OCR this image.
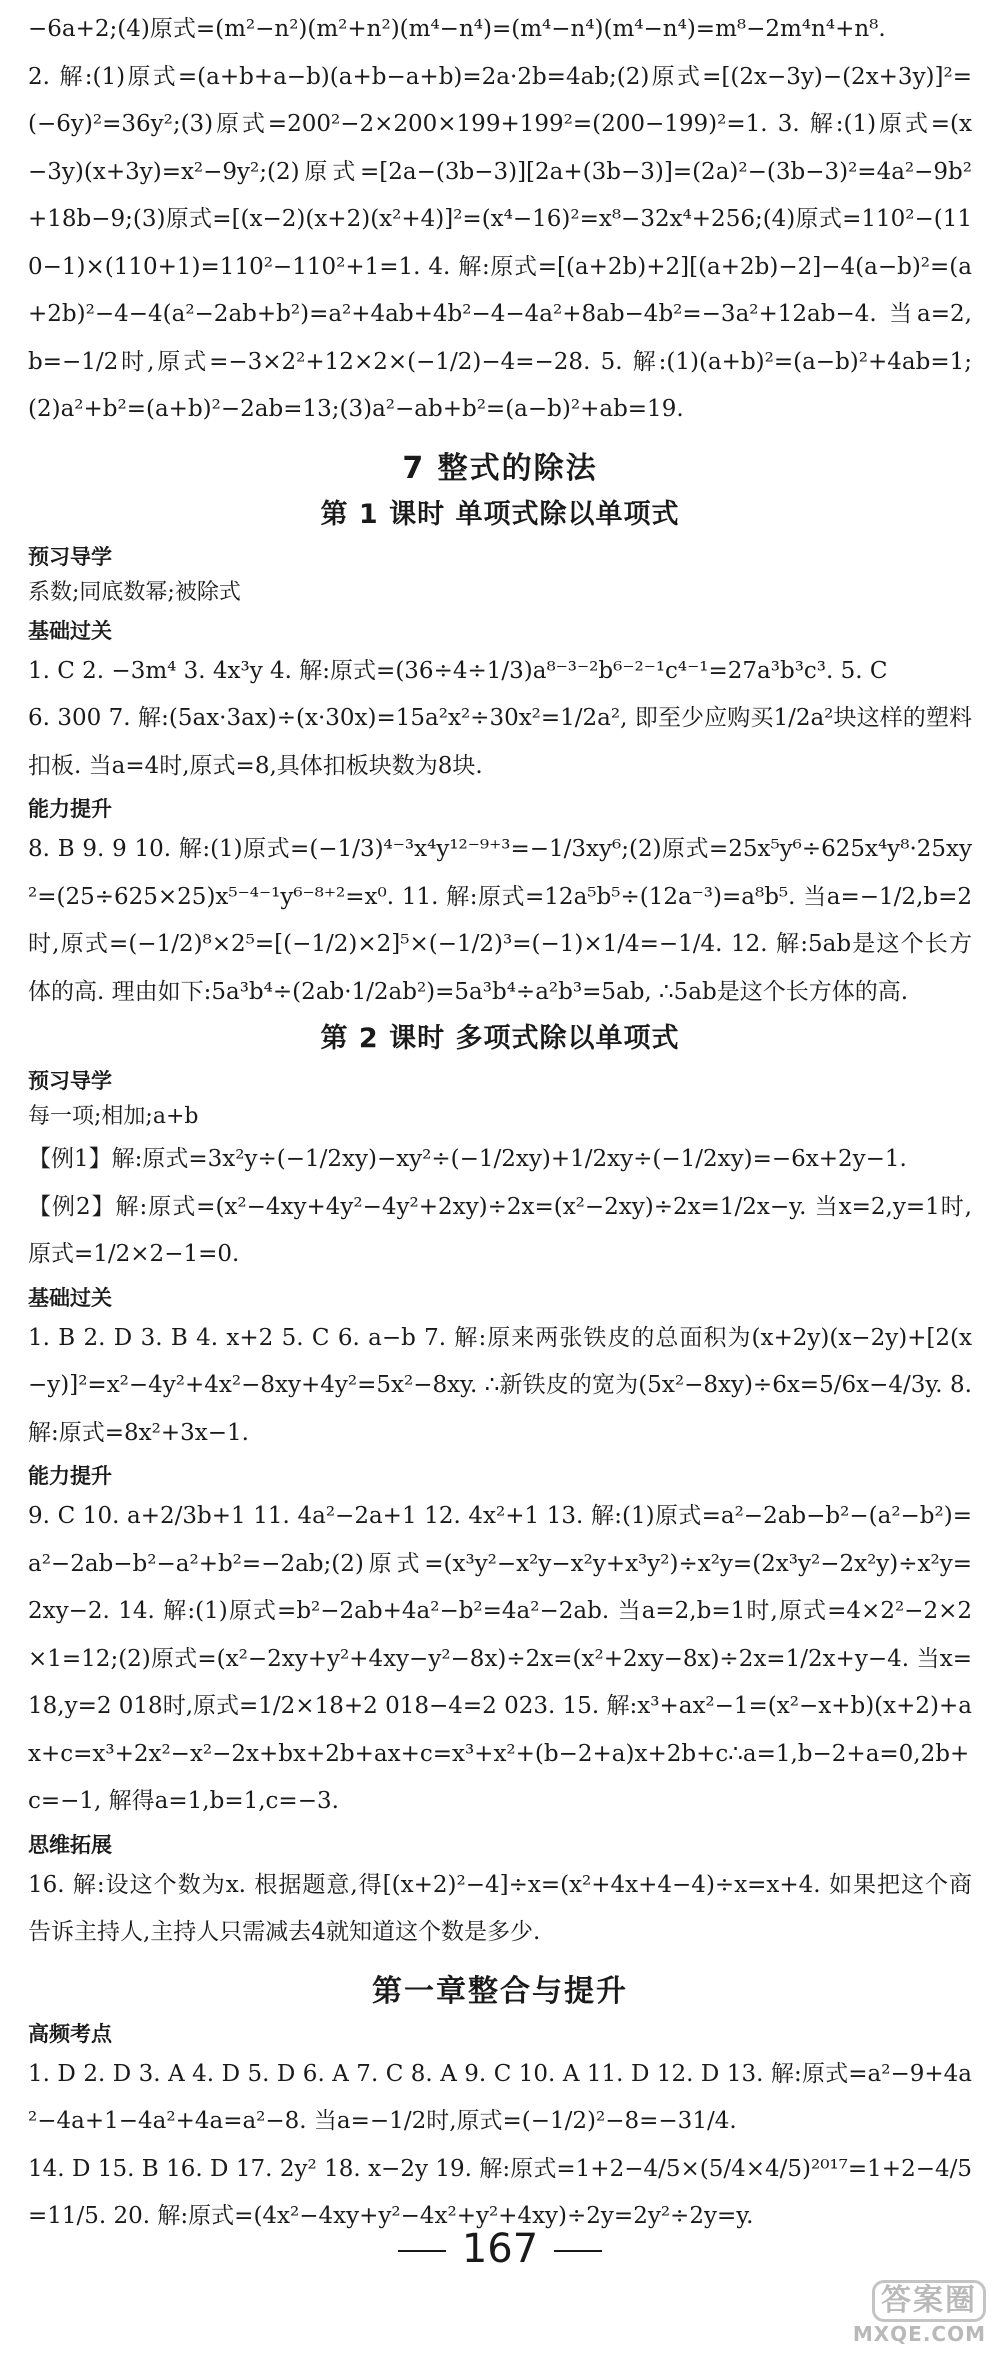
−6a+2;(4)原式=(m²−n²)(m²+n²)(m⁴−n⁴)=(m⁴−n⁴)(m⁴−n⁴)=m⁸−2m⁴n⁴+n⁸.

2. 解:(1)原式=(a+b+a−b)(a+b−a+b)=2a·2b=4ab;(2)原式=[(2x−3y)−(2x+3y)]²=(−6y)²=36y²;(3)原式=200²−2×200×199+199²=(200−199)²=1. 3. 解:(1)原式=(x−3y)(x+3y)=x²−9y²;(2)原式=[2a−(3b−3)][2a+(3b−3)]=(2a)²−(3b−3)²=4a²−9b²+18b−9;(3)原式=[(x−2)(x+2)(x²+4)]²=(x⁴−16)²=x⁸−32x⁴+256;(4)原式=110²−(110−1)×(110+1)=110²−110²+1=1. 4. 解:原式=[(a+2b)+2][(a+2b)−2]−4(a−b)²=(a+2b)²−4−4(a²−2ab+b²)=a²+4ab+4b²−4−4a²+8ab−4b²=−3a²+12ab−4. 当a=2,b=−1/2时,原式=−3×2²+12×2×(−1/2)−4=−28. 5. 解:(1)(a+b)²=(a−b)²+4ab=1;(2)a²+b²=(a+b)²−2ab=13;(3)a²−ab+b²=(a−b)²+ab=19.

7 整式的除法

第 1 课时 单项式除以单项式

预习导学

系数;同底数幂;被除式

基础过关

1. C 2. −3m⁴ 3. 4x³y 4. 解:原式=(36÷4÷1/3)a⁸⁻³⁻²b⁶⁻²⁻¹c⁴⁻¹=27a³b³c³. 5. C

6. 300 7. 解:(5ax·3ax)÷(x·30x)=15a²x²÷30x²=1/2a², 即至少应购买1/2a²块这样的塑料扣板. 当a=4时,原式=8,具体扣板块数为8块.

能力提升

8. B 9. 9 10. 解:(1)原式=(−1/3)⁴⁻³x⁴y¹²⁻⁹⁺³=−1/3xy⁶;(2)原式=25x⁵y⁶÷625x⁴y⁸·25xy²=(25÷625×25)x⁵⁻⁴⁻¹y⁶⁻⁸⁺²=x⁰. 11. 解:原式=12a⁵b⁵÷(12a⁻³)=a⁸b⁵. 当a=−1/2,b=2时,原式=(−1/2)⁸×2⁵=[(−1/2)×2]⁵×(−1/2)³=(−1)×1/4=−1/4. 12. 解:5ab是这个长方体的高. 理由如下:5a³b⁴÷(2ab·1/2ab²)=5a³b⁴÷a²b³=5ab, ∴5ab是这个长方体的高.

第 2 课时 多项式除以单项式

预习导学

每一项;相加;a+b

【例1】解:原式=3x²y÷(−1/2xy)−xy²÷(−1/2xy)+1/2xy÷(−1/2xy)=−6x+2y−1.

【例2】解:原式=(x²−4xy+4y²−4y²+2xy)÷2x=(x²−2xy)÷2x=1/2x−y. 当x=2,y=1时,原式=1/2×2−1=0.

基础过关

1. B 2. D 3. B 4. x+2 5. C 6. a−b 7. 解:原来两张铁皮的总面积为(x+2y)(x−2y)+[2(x−y)]²=x²−4y²+4x²−8xy+4y²=5x²−8xy. ∴新铁皮的宽为(5x²−8xy)÷6x=5/6x−4/3y. 8. 解:原式=8x²+3x−1.

能力提升

9. C 10. a+2/3b+1 11. 4a²−2a+1 12. 4x²+1 13. 解:(1)原式=a²−2ab−b²−(a²−b²)=a²−2ab−b²−a²+b²=−2ab;(2)原式=(x³y²−x²y−x²y+x³y²)÷x²y=(2x³y²−2x²y)÷x²y=2xy−2. 14. 解:(1)原式=b²−2ab+4a²−b²=4a²−2ab. 当a=2,b=1时,原式=4×2²−2×2×1=12;(2)原式=(x²−2xy+y²+4xy−y²−8x)÷2x=(x²+2xy−8x)÷2x=1/2x+y−4. 当x=18,y=2 018时,原式=1/2×18+2 018−4=2 023. 15. 解:x³+ax²−1=(x²−x+b)(x+2)+ax+c=x³+2x²−x²−2x+bx+2b+ax+c=x³+x²+(b−2+a)x+2b+c∴a=1,b−2+a=0,2b+c=−1, 解得a=1,b=1,c=−3.

思维拓展

16. 解:设这个数为x. 根据题意,得[(x+2)²−4]÷x=(x²+4x+4−4)÷x=x+4. 如果把这个商告诉主持人,主持人只需减去4就知道这个数是多少.

第一章整合与提升

高频考点

1. D 2. D 3. A 4. D 5. D 6. A 7. C 8. A 9. C 10. A 11. D 12. D 13. 解:原式=a²−9+4a²−4a+1−4a²+4a=a²−8. 当a=−1/2时,原式=(−1/2)²−8=−31/4.

14. D 15. B 16. D 17. 2y² 18. x−2y 19. 解:原式=1+2−4/5×(5/4×4/5)²⁰¹⁷=1+2−4/5=11/5. 20. 解:原式=(4x²−4xy+y²−4x²+y²+4xy)÷2y=2y²÷2y=y.

167
答案圈
MXQE.COM
